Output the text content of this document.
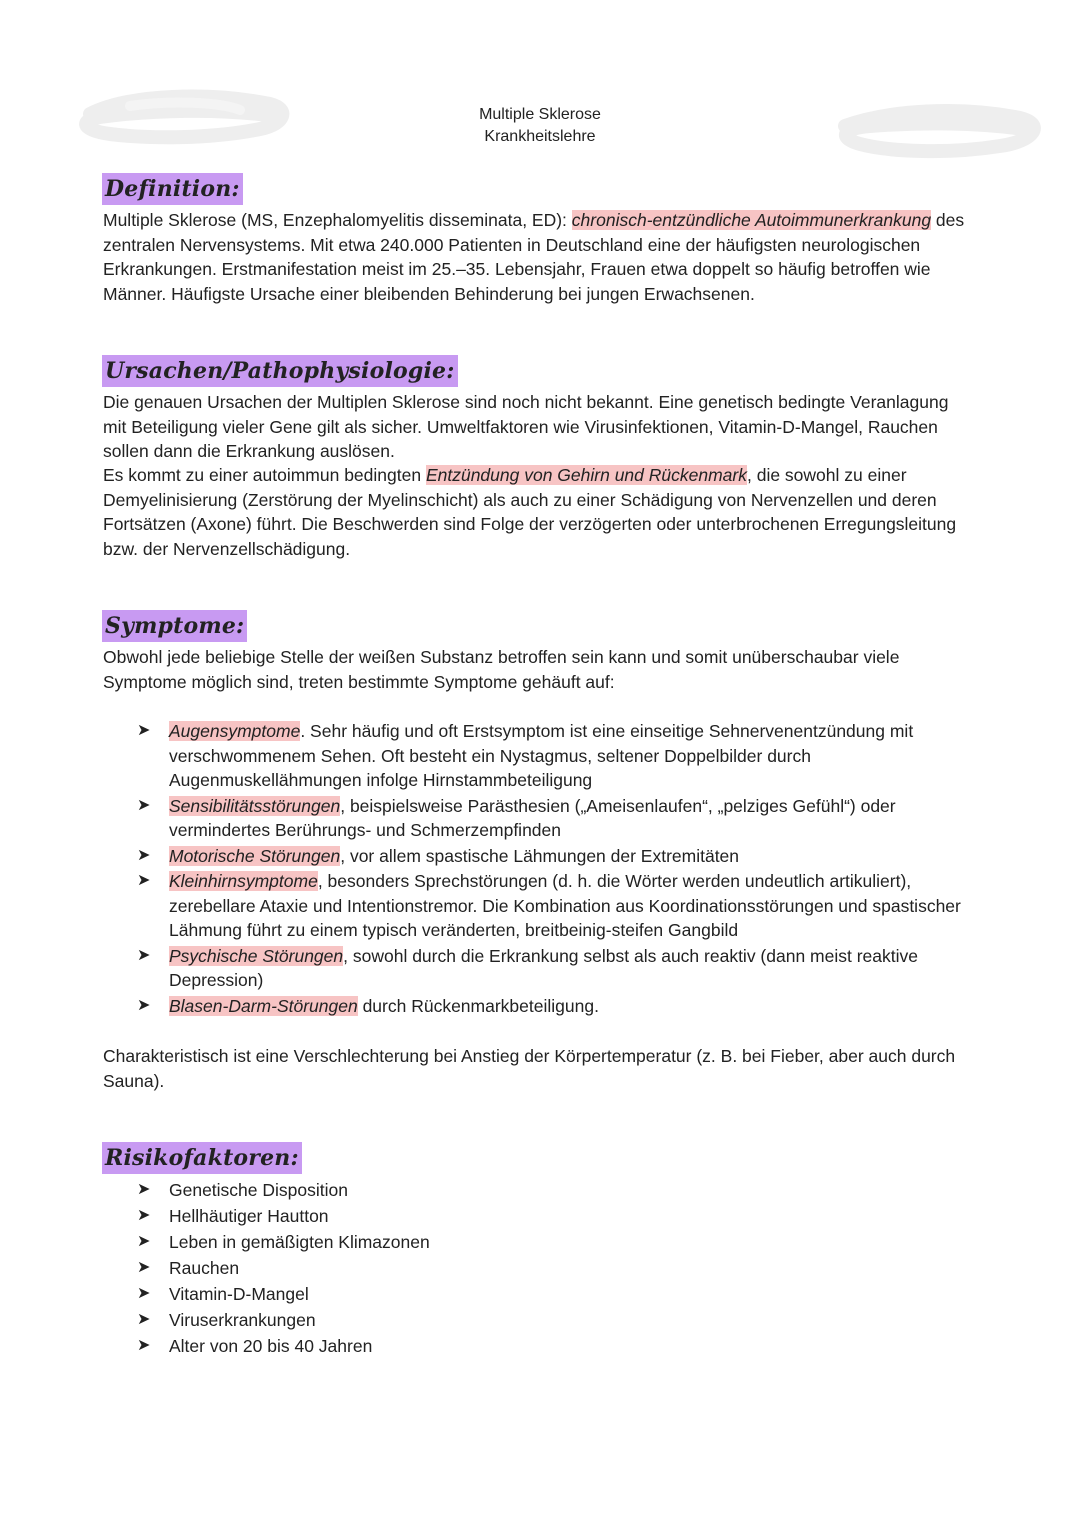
Multiple Sklerose
Krankheitslehre
Definition:

Multiple Sklerose (MS, Enzephalomyelitis disseminata, ED): chronisch-entzündliche Autoimmunerkrankung des zentralen Nervensystems. Mit etwa 240.000 Patienten in Deutschland eine der häufigsten neurologischen Erkrankungen. Erstmanifestation meist im 25.–35. Lebensjahr, Frauen etwa doppelt so häufig betroffen wie Männer. Häufigste Ursache einer bleibenden Behinderung bei jungen Erwachsenen.

Ursachen/Pathophysiologie:

Die genauen Ursachen der Multiplen Sklerose sind noch nicht bekannt. Eine genetisch bedingte Veranlagung mit Beteiligung vieler Gene gilt als sicher. Umweltfaktoren wie Virusinfektionen, Vitamin-D-Mangel, Rauchen sollen dann die Erkrankung auslösen.

Es kommt zu einer autoimmun bedingten Entzündung von Gehirn und Rückenmark, die sowohl zu einer Demyelinisierung (Zerstörung der Myelinschicht) als auch zu einer Schädigung von Nervenzellen und deren Fortsätzen (Axone) führt. Die Beschwerden sind Folge der verzögerten oder unterbrochenen Erregungsleitung bzw. der Nervenzellschädigung.

Symptome:

Obwohl jede beliebige Stelle der weißen Substanz betroffen sein kann und somit unüberschaubar viele Symptome möglich sind, treten bestimmte Symptome gehäuft auf:

➤ Augensymptome. Sehr häufig und oft Erstsymptom ist eine einseitige Sehnervenentzündung mit verschwommenem Sehen. Oft besteht ein Nystagmus, seltener Doppelbilder durch Augenmuskellähmungen infolge Hirnstammbeteiligung
➤ Sensibilitätsstörungen, beispielsweise Parästhesien („Ameisenlaufen“, „pelziges Gefühl“) oder vermindertes Berührungs- und Schmerzempfinden
➤ Motorische Störungen, vor allem spastische Lähmungen der Extremitäten
➤ Kleinhirnsymptome, besonders Sprechstörungen (d. h. die Wörter werden undeutlich artikuliert), zerebellare Ataxie und Intentionstremor. Die Kombination aus Koordinationsstörungen und spastischer Lähmung führt zu einem typisch veränderten, breitbeinig-steifen Gangbild
➤ Psychische Störungen, sowohl durch die Erkrankung selbst als auch reaktiv (dann meist reaktive Depression)
➤ Blasen-Darm-Störungen durch Rückenmarkbeteiligung.

Charakteristisch ist eine Verschlechterung bei Anstieg der Körpertemperatur (z. B. bei Fieber, aber auch durch Sauna).

Risikofaktoren:
➤ Genetische Disposition
➤ Hellhäutiger Hautton
➤ Leben in gemäßigten Klimazonen
➤ Rauchen
➤ Vitamin-D-Mangel
➤ Viruserkrankungen
➤ Alter von 20 bis 40 Jahren
